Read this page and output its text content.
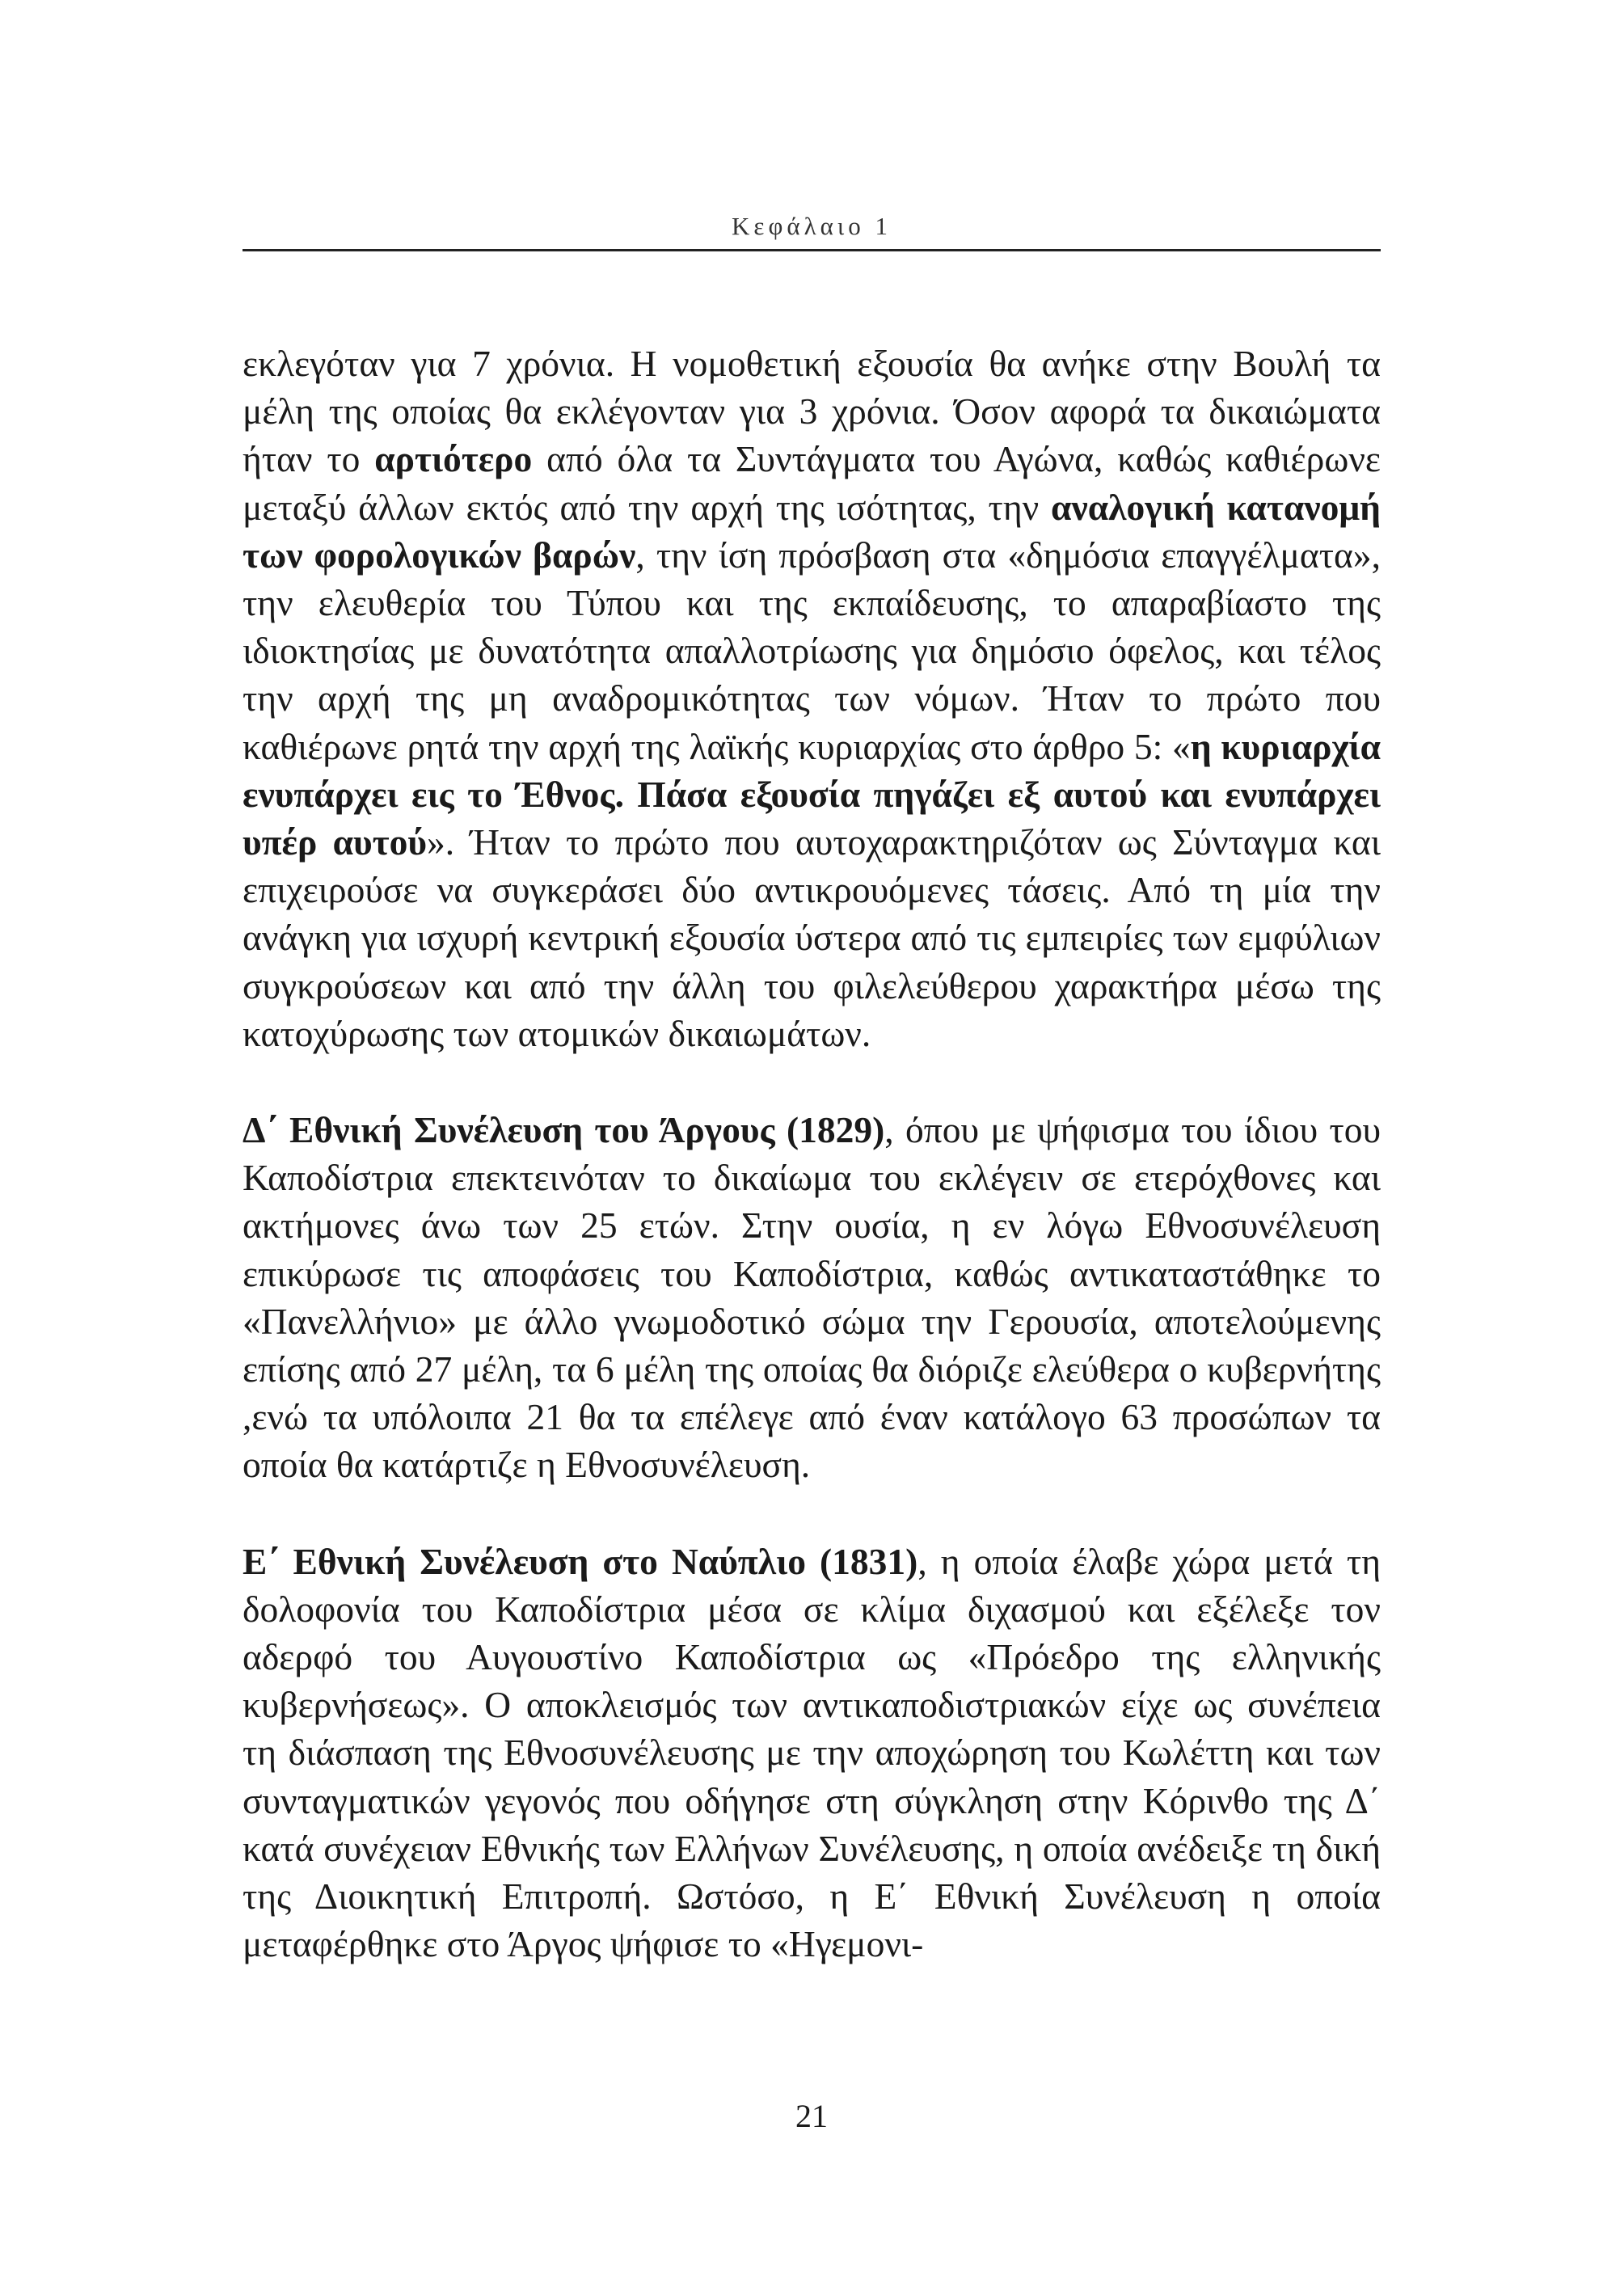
Κεφάλαιο 1

εκλεγόταν για 7 χρόνια. Η νομοθετική εξουσία θα ανήκε στην Βουλή τα μέλη της οποίας θα εκλέγονταν για 3 χρόνια. Όσον αφορά τα δικαιώματα ήταν το αρτιότερο από όλα τα Συντάγματα του Αγώνα, καθώς καθιέρωνε μεταξύ άλλων εκτός από την αρχή της ισότητας, την αναλογική κατανομή των φορολογικών βαρών, την ίση πρόσβαση στα «δημόσια επαγγέλματα», την ελευθερία του Τύπου και της εκπαίδευσης, το απαραβίαστο της ιδιοκτησίας με δυνατότητα απαλλοτρίωσης για δημόσιο όφελος, και τέλος την αρχή της μη αναδρομικότητας των νόμων. Ήταν το πρώτο που καθιέρωνε ρητά την αρχή της λαϊκής κυριαρχίας στο άρθρο 5: «η κυριαρχία ενυπάρχει εις το Έθνος. Πάσα εξουσία πηγάζει εξ αυτού και ενυπάρχει υπέρ αυτού». Ήταν το πρώτο που αυτοχαρακτηριζόταν ως Σύνταγμα και επιχειρούσε να συγκεράσει δύο αντικρουόμενες τάσεις. Από τη μία την ανάγκη για ισχυρή κεντρική εξουσία ύστερα από τις εμπειρίες των εμφύλιων συγκρούσεων και από την άλλη του φιλελεύθερου χαρακτήρα μέσω της κατοχύρωσης των ατομικών δικαιωμάτων.

Δ΄ Εθνική Συνέλευση του Άργους (1829), όπου με ψήφισμα του ίδιου του Καποδίστρια επεκτεινόταν το δικαίωμα του εκλέγειν σε ετερόχθονες και ακτήμονες άνω των 25 ετών. Στην ουσία, η εν λόγω Εθνοσυνέλευση επικύρωσε τις αποφάσεις του Καποδίστρια, καθώς αντικαταστάθηκε το «Πανελλήνιο» με άλλο γνωμοδοτικό σώμα την Γερουσία, αποτελούμενης επίσης από 27 μέλη, τα 6 μέλη της οποίας θα διόριζε ελεύθερα ο κυβερνήτης ,ενώ τα υπόλοιπα 21 θα τα επέλεγε από έναν κατάλογο 63 προσώπων τα οποία θα κατάρτιζε η Εθνοσυνέλευση.

Ε΄ Εθνική Συνέλευση στο Ναύπλιο (1831), η οποία έλαβε χώρα μετά τη δολοφονία του Καποδίστρια μέσα σε κλίμα διχασμού και εξέλεξε τον αδερφό του Αυγουστίνο Καποδίστρια ως «Πρόεδρο της ελληνικής κυβερνήσεως». Ο αποκλεισμός των αντικαποδιστριακών είχε ως συνέπεια τη διάσπαση της Εθνοσυνέλευσης με την αποχώρηση του Κωλέττη και των συνταγματικών γεγονός που οδήγησε στη σύγκληση στην Κόρινθο της Δ΄ κατά συνέχειαν Εθνικής των Ελλήνων Συνέλευσης, η οποία ανέδειξε τη δική της Διοικητική Επιτροπή. Ωστόσο, η Ε΄ Εθνική Συνέλευση η οποία μεταφέρθηκε στο Άργος ψήφισε το «Ηγεμονι-

21
